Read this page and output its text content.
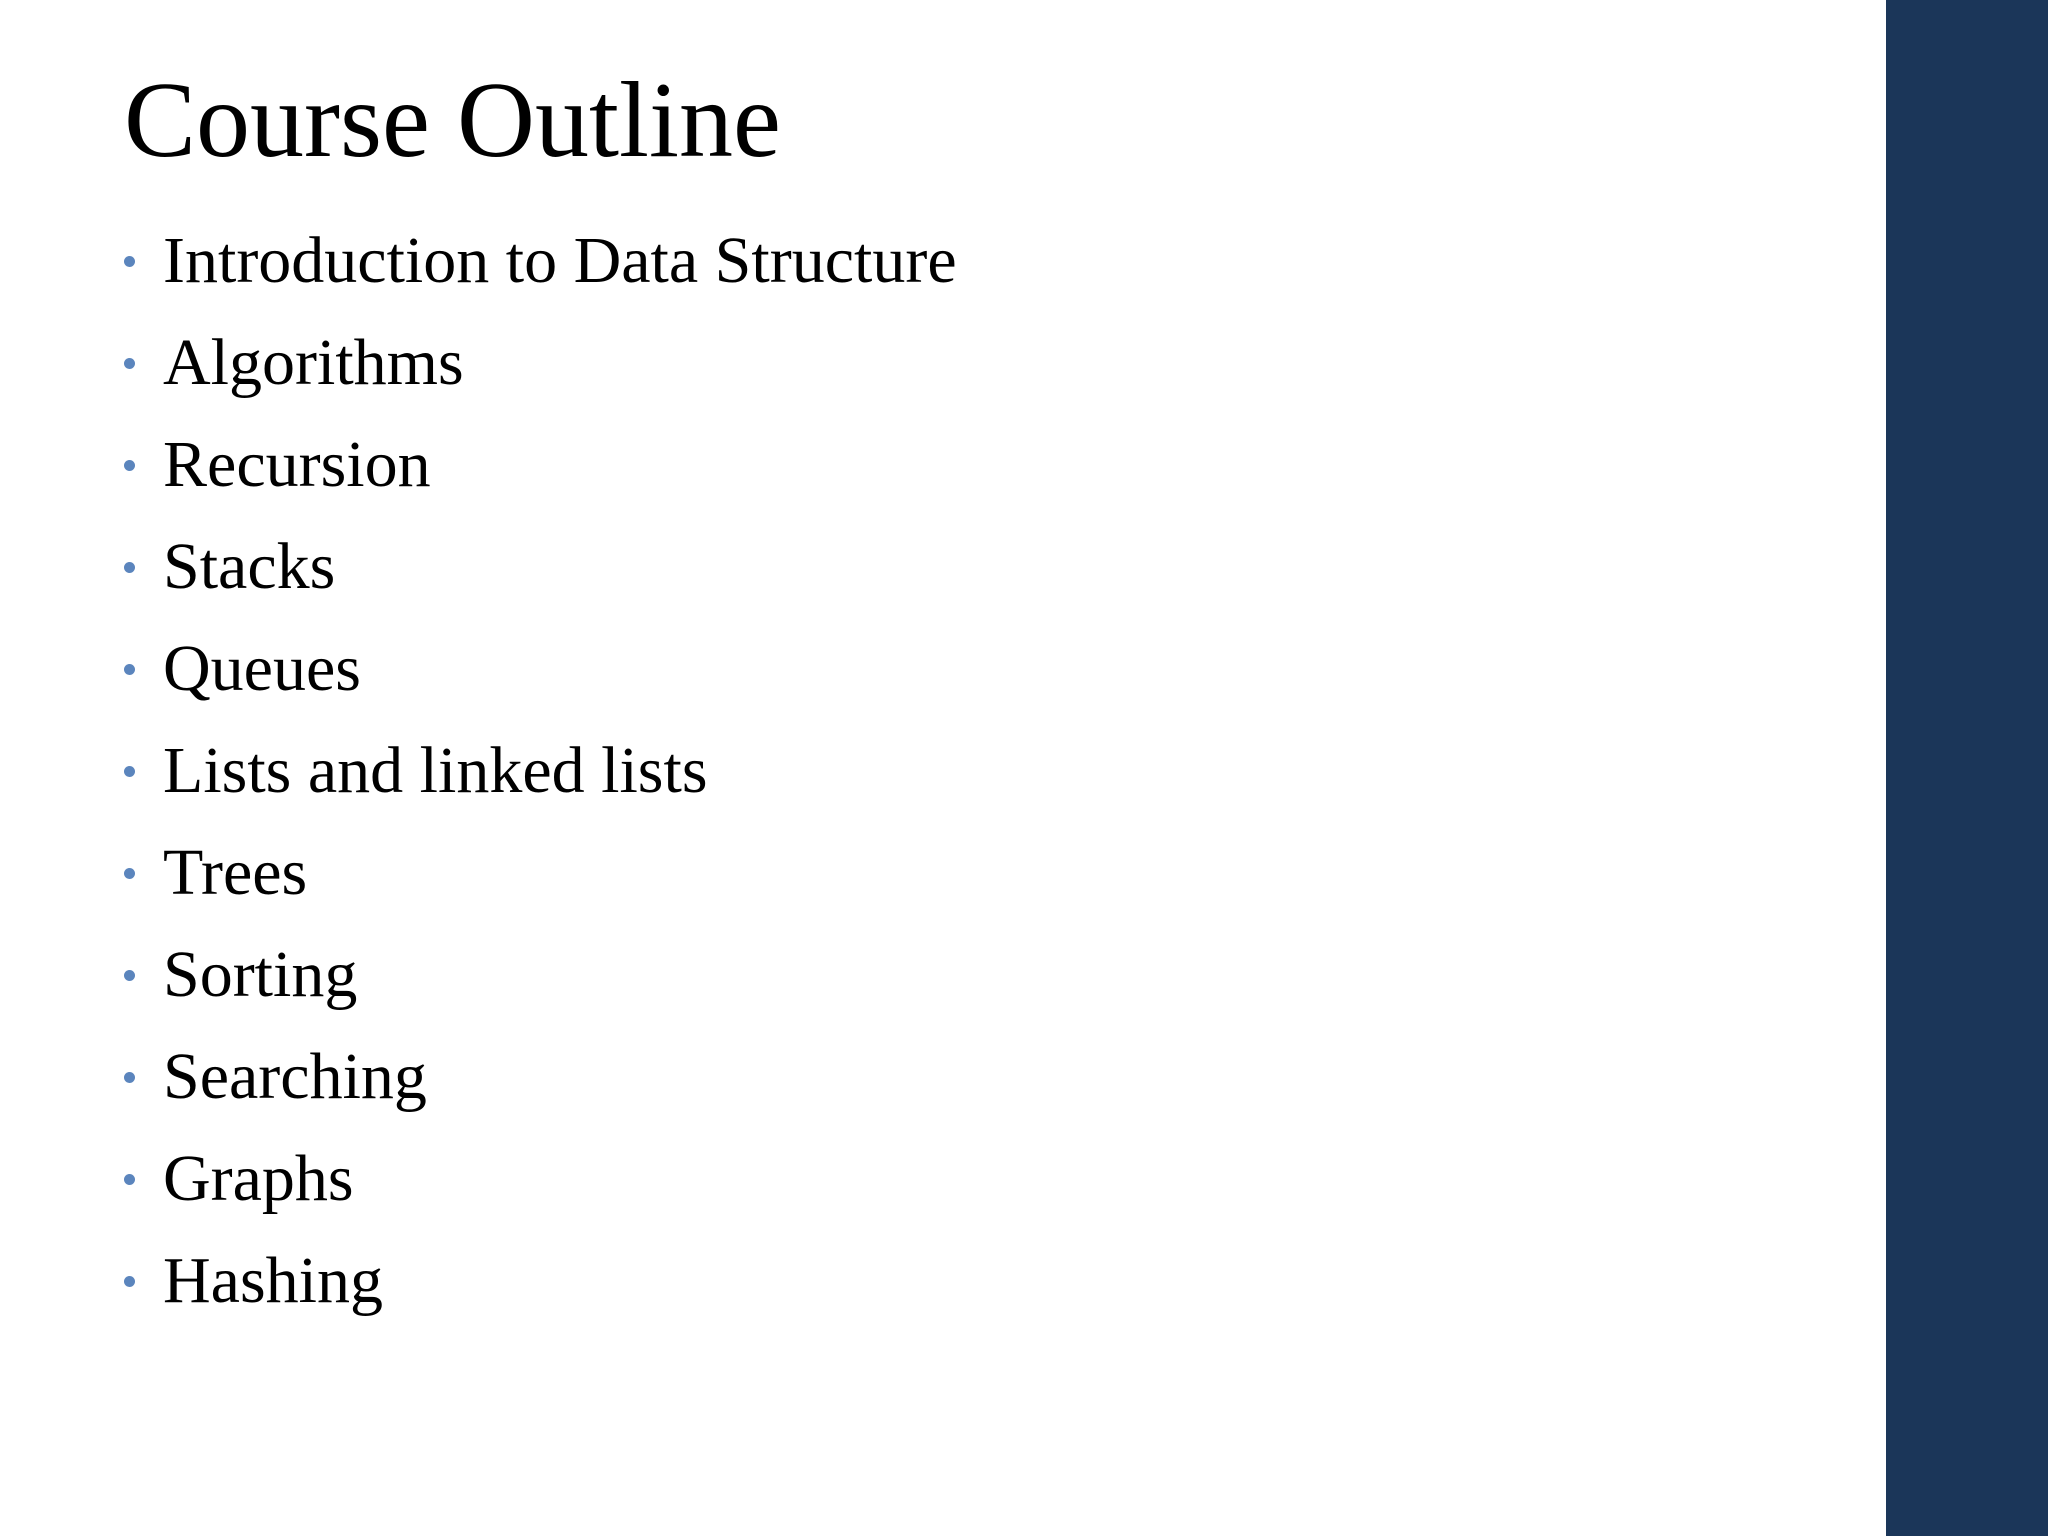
Course Outline
Introduction to Data Structure
Algorithms
Recursion
Stacks
Queues
Lists and linked lists
Trees
Sorting
Searching
Graphs
Hashing
